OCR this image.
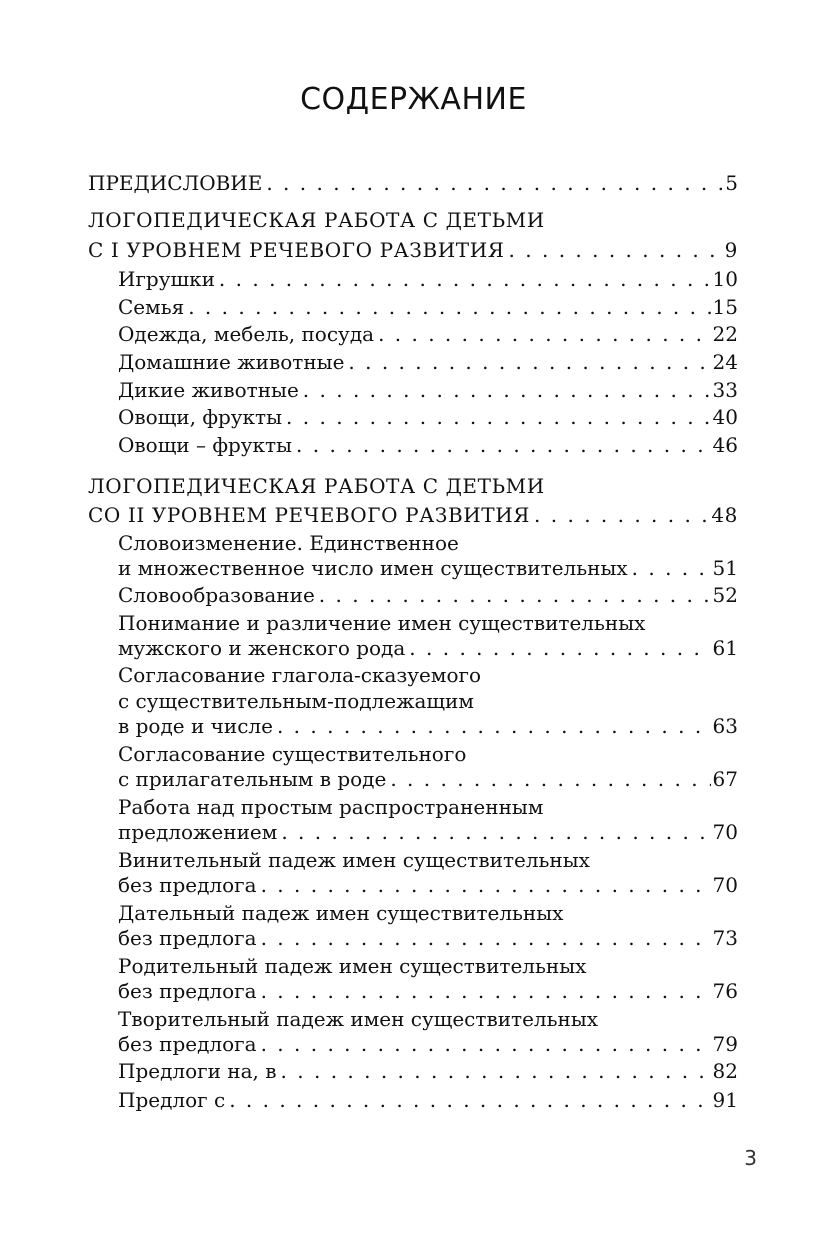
СОДЕРЖАНИЕ
ПРЕДИСЛОВИЕ . . .	5
ЛОГОПЕДИЧЕСКАЯ РАБОТА С ДЕТЬМИ
С I УРОВНЕМ РЕЧЕВОГО РАЗВИТИЯ . . .	9
Игрушки . . .	10
Семья . . .	15
Одежда, мебель, посуда . . .	22
Домашние животные . . .	24
Дикие животные . . .	33
Овощи, фрукты . . .	40
Овощи – фрукты . . .	46
ЛОГОПЕДИЧЕСКАЯ РАБОТА С ДЕТЬМИ
СО II УРОВНЕМ РЕЧЕВОГО РАЗВИТИЯ . . .	48
Словоизменение. Единственное
и множественное число имен существительных . . .	51
Словообразование . . .	52
Понимание и различение имен существительных
мужского и женского рода . . .	61
Согласование глагола-сказуемого
с существительным-подлежащим
в роде и числе . . .	63
Согласование существительного
с прилагательным в роде . . .	67
Работа над простым распространенным
предложением . . .	70
Винительный падеж имен существительных
без предлога . . .	70
Дательный падеж имен существительных
без предлога . . .	73
Родительный падеж имен существительных
без предлога . . .	76
Творительный падеж имен существительных
без предлога . . .	79
Предлоги на, в . . .	82
Предлог с . . .	91
3
